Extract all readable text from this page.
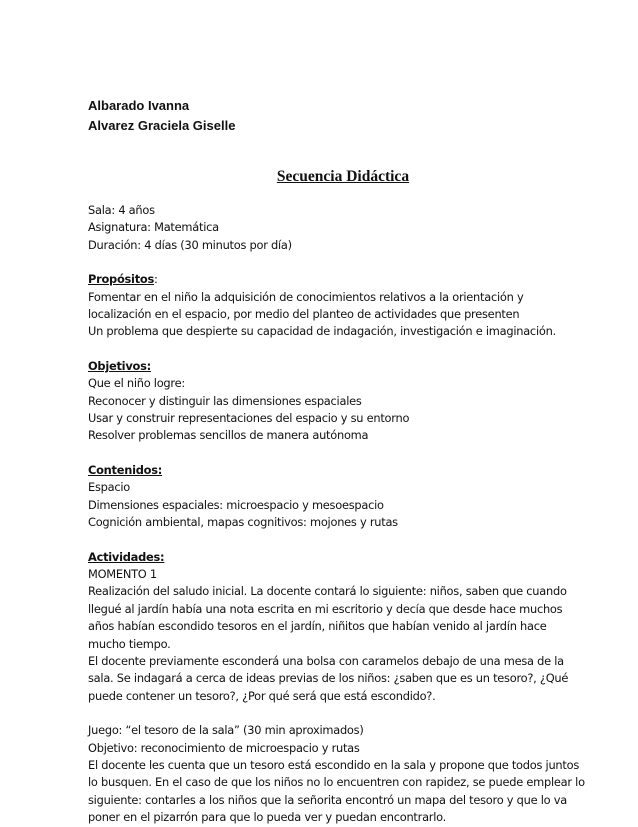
Albarado Ivanna
Alvarez Graciela Giselle
Secuencia Didáctica
Sala: 4 años
Asignatura: Matemática
Duración: 4 días (30 minutos por día)
Propósitos:
Fomentar en el niño la adquisición de conocimientos relativos a la orientación y
localización en el espacio, por medio del planteo de actividades que presenten
Un problema que despierte su capacidad de indagación, investigación e imaginación.
Objetivos:
Que el niño logre:
Reconocer y distinguir las dimensiones espaciales
Usar y construir representaciones del espacio y su entorno
Resolver problemas sencillos de manera autónoma
Contenidos:
Espacio
Dimensiones espaciales: microespacio y mesoespacio
Cognición ambiental, mapas cognitivos: mojones y rutas
Actividades:
MOMENTO 1
Realización del saludo inicial. La docente contará lo siguiente: niños, saben que cuando
llegué al jardín había una nota escrita en mi escritorio y decía que desde hace muchos
años habían escondido tesoros en el jardín, niñitos que habían venido al jardín hace
mucho tiempo.
El docente previamente esconderá una bolsa con caramelos debajo de una mesa de la
sala. Se indagará a cerca de ideas previas de los niños: ¿saben que es un tesoro?, ¿Qué
puede contener un tesoro?, ¿Por qué será que está escondido?.
Juego: “el tesoro de la sala” (30 min aproximados)
Objetivo: reconocimiento de microespacio y rutas
El docente les cuenta que un tesoro está escondido en la sala y propone que todos juntos
lo busquen. En el caso de que los niños no lo encuentren con rapidez, se puede emplear lo
siguiente: contarles a los niños que la señorita encontró un mapa del tesoro y que lo va
poner en el pizarrón para que lo pueda ver y puedan encontrarlo.
